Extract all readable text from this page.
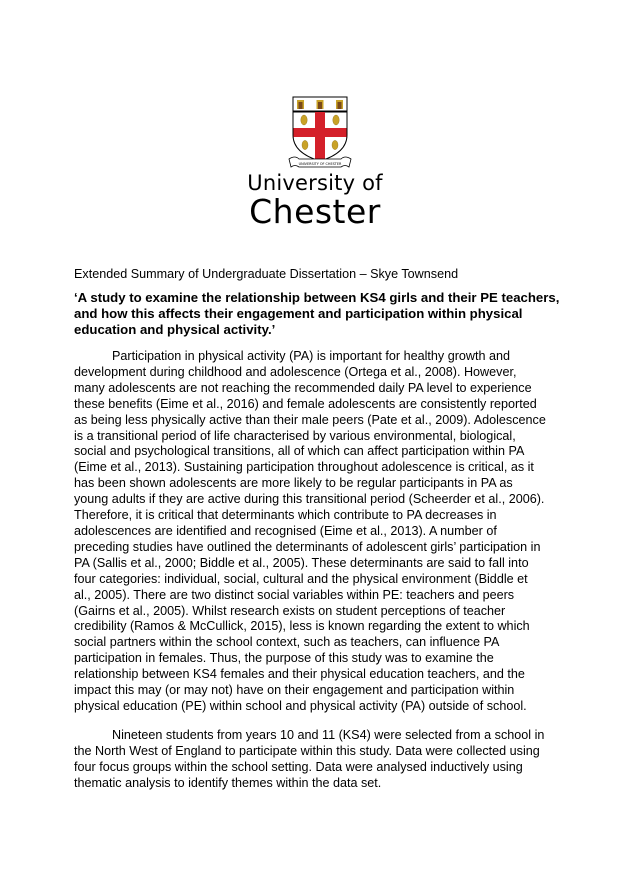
UNIVERSITY OF CHESTER
University of
Chester
Extended Summary of Undergraduate Dissertation – Skye Townsend
‘A study to examine the relationship between KS4 girls and their PE teachers,
and how this affects their engagement and participation within physical
education and physical activity.’
Participation in physical activity (PA) is important for healthy growth and
development during childhood and adolescence (Ortega et al., 2008). However,
many adolescents are not reaching the recommended daily PA level to experience
these benefits (Eime et al., 2016) and female adolescents are consistently reported
as being less physically active than their male peers (Pate et al., 2009). Adolescence
is a transitional period of life characterised by various environmental, biological,
social and psychological transitions, all of which can affect participation within PA
(Eime et al., 2013). Sustaining participation throughout adolescence is critical, as it
has been shown adolescents are more likely to be regular participants in PA as
young adults if they are active during this transitional period (Scheerder et al., 2006).
Therefore, it is critical that determinants which contribute to PA decreases in
adolescences are identified and recognised (Eime et al., 2013). A number of
preceding studies have outlined the determinants of adolescent girls’ participation in
PA (Sallis et al., 2000; Biddle et al., 2005). These determinants are said to fall into
four categories: individual, social, cultural and the physical environment (Biddle et
al., 2005). There are two distinct social variables within PE: teachers and peers
(Gairns et al., 2005). Whilst research exists on student perceptions of teacher
credibility (Ramos & McCullick, 2015), less is known regarding the extent to which
social partners within the school context, such as teachers, can influence PA
participation in females. Thus, the purpose of this study was to examine the
relationship between KS4 females and their physical education teachers, and the
impact this may (or may not) have on their engagement and participation within
physical education (PE) within school and physical activity (PA) outside of school.
Nineteen students from years 10 and 11 (KS4) were selected from a school in
the North West of England to participate within this study. Data were collected using
four focus groups within the school setting. Data were analysed inductively using
thematic analysis to identify themes within the data set.
